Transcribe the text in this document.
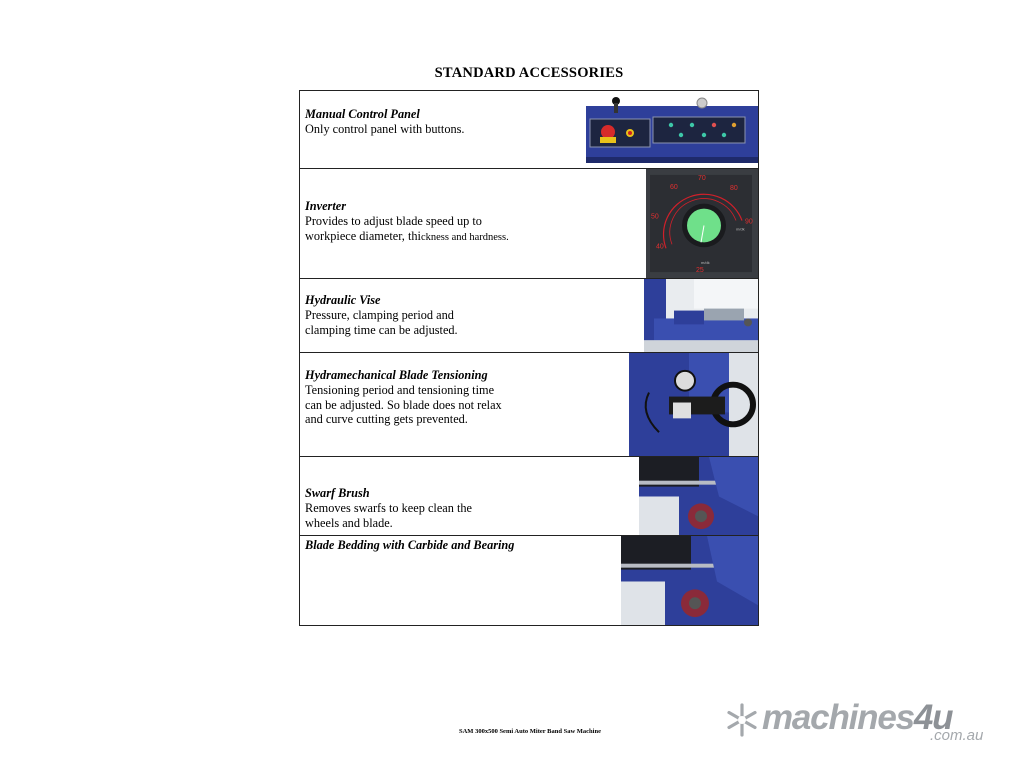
STANDARD ACCESSORIES
Manual Control Panel
Only control panel with buttons.
Inverter
Provides to adjust blade speed up to
workpiece diameter, thickness and hardness.
60
70
80
50
90
40
25
m/dk
m/dk
Hydraulic Vise
Pressure, clamping period and
clamping time can be adjusted.
Hydramechanical Blade Tensioning
Tensioning period and tensioning time
can be adjusted. So blade does not relax
and curve cutting gets prevented.
Swarf Brush
Removes swarfs to keep clean the
wheels and blade.
Blade Bedding with Carbide and Bearing
SAM 300x500 Semi Auto Miter Band Saw Machine	machines4u
.com.au
